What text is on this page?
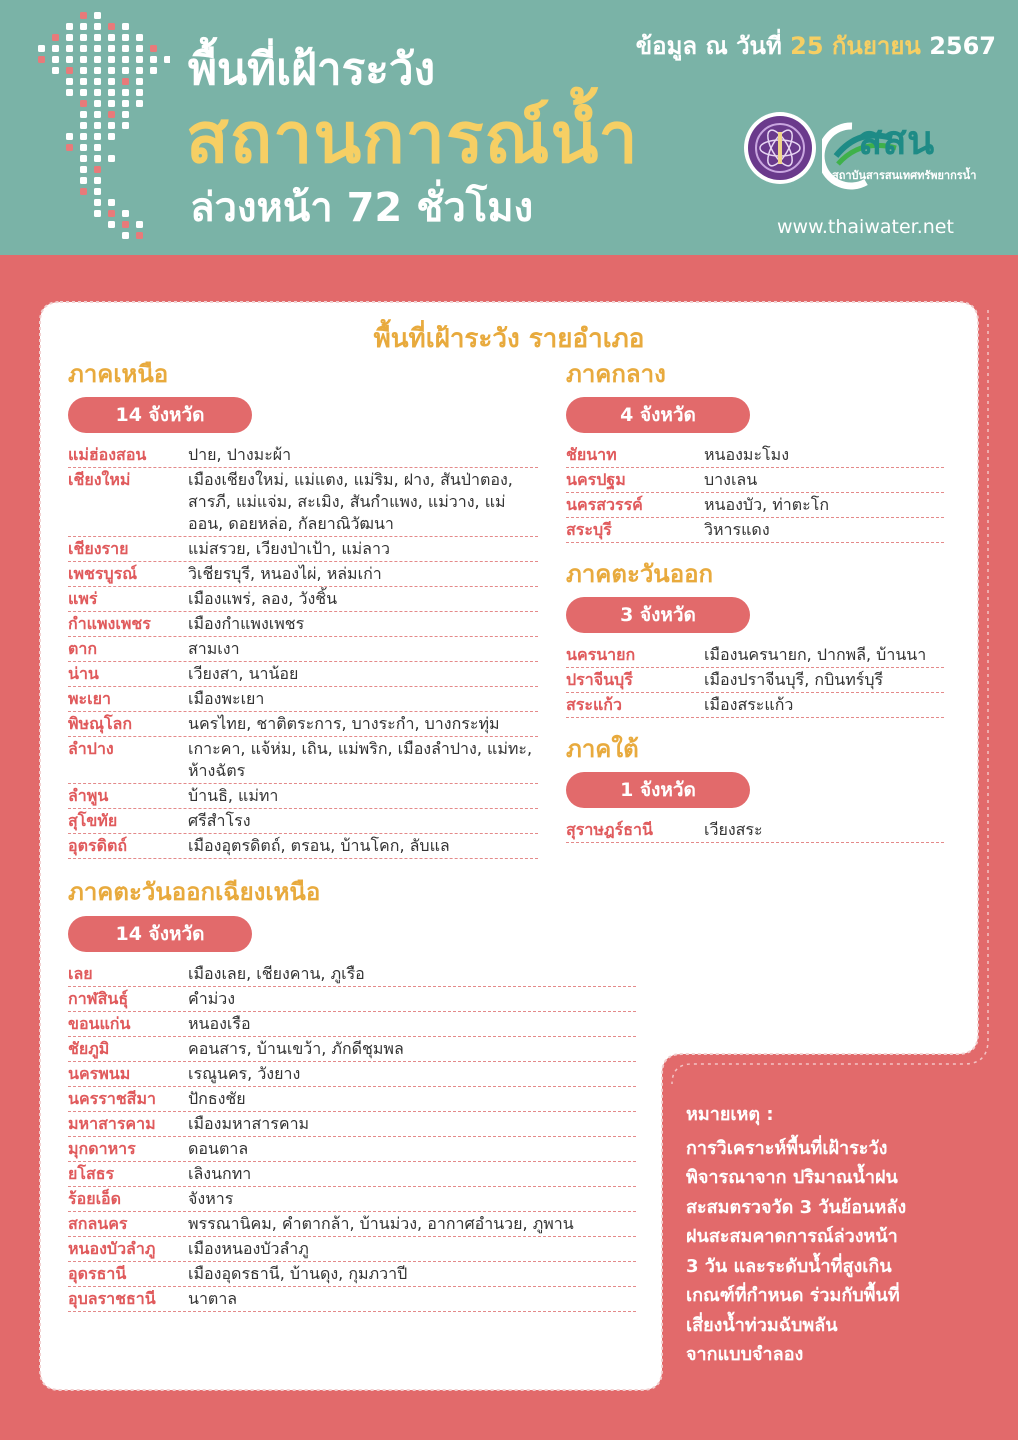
พื้นที่เฝ้าระวัง
สถานการณ์น้ำ
ล่วงหน้า 72 ชั่วโมง
ข้อมูล ณ วันที่ 25 กันยายน 2567
สสน
สถาบันสารสนเทศทรัพยากรน้ำ
www.thaiwater.net
พื้นที่เฝ้าระวัง รายอำเภอ
ภาคเหนือ
14 จังหวัด
แม่ฮ่องสอน	ปาย, ปางมะผ้า
เชียงใหม่	เมืองเชียงใหม่, แม่แตง, แม่ริม, ฝาง, สันป่าตอง, สารภี, แม่แจ่ม, สะเมิง, สันกำแพง, แม่วาง, แม่ออน, ดอยหล่อ, กัลยาณิวัฒนา
เชียงราย	แม่สรวย, เวียงป่าเป้า, แม่ลาว
เพชรบูรณ์	วิเชียรบุรี, หนองไผ่, หล่มเก่า
แพร่	เมืองแพร่, ลอง, วังชิ้น
กำแพงเพชร	เมืองกำแพงเพชร
ตาก	สามเงา
น่าน	เวียงสา, นาน้อย
พะเยา	เมืองพะเยา
พิษณุโลก	นครไทย, ชาติตระการ, บางระกำ, บางกระทุ่ม
ลำปาง	เกาะคา, แจ้ห่ม, เถิน, แม่พริก, เมืองลำปาง, แม่ทะ, ห้างฉัตร
ลำพูน	บ้านธิ, แม่ทา
สุโขทัย	ศรีสำโรง
อุตรดิตถ์	เมืองอุตรดิตถ์, ตรอน, บ้านโคก, ลับแล
ภาคกลาง
4 จังหวัด
ชัยนาท	หนองมะโมง
นครปฐม	บางเลน
นครสวรรค์	หนองบัว, ท่าตะโก
สระบุรี	วิหารแดง
ภาคตะวันออก
3 จังหวัด
นครนายก	เมืองนครนายก, ปากพลี, บ้านนา
ปราจีนบุรี	เมืองปราจีนบุรี, กบินทร์บุรี
สระแก้ว	เมืองสระแก้ว
ภาคใต้
1 จังหวัด
สุราษฎร์ธานี	เวียงสระ
ภาคตะวันออกเฉียงเหนือ
14 จังหวัด
เลย	เมืองเลย, เชียงคาน, ภูเรือ
กาฬสินธุ์	คำม่วง
ขอนแก่น	หนองเรือ
ชัยภูมิ	คอนสาร, บ้านเขว้า, ภักดีชุมพล
นครพนม	เรณูนคร, วังยาง
นครราชสีมา	ปักธงชัย
มหาสารคาม	เมืองมหาสารคาม
มุกดาหาร	ดอนตาล
ยโสธร	เลิงนกทา
ร้อยเอ็ด	จังหาร
สกลนคร	พรรณานิคม, คำตากล้า, บ้านม่วง, อากาศอำนวย, ภูพาน
หนองบัวลำภู	เมืองหนองบัวลำภู
อุดรธานี	เมืองอุดรธานี, บ้านดุง, กุมภวาปี
อุบลราชธานี	นาตาล
หมายเหตุ :
การวิเคราะห์พื้นที่เฝ้าระวัง
พิจารณาจาก ปริมาณน้ำฝน
สะสมตรวจวัด 3 วันย้อนหลัง
ฝนสะสมคาดการณ์ล่วงหน้า
3 วัน และระดับน้ำที่สูงเกิน
เกณฑ์ที่กำหนด ร่วมกับพื้นที่
เสี่ยงน้ำท่วมฉับพลัน
จากแบบจำลอง
